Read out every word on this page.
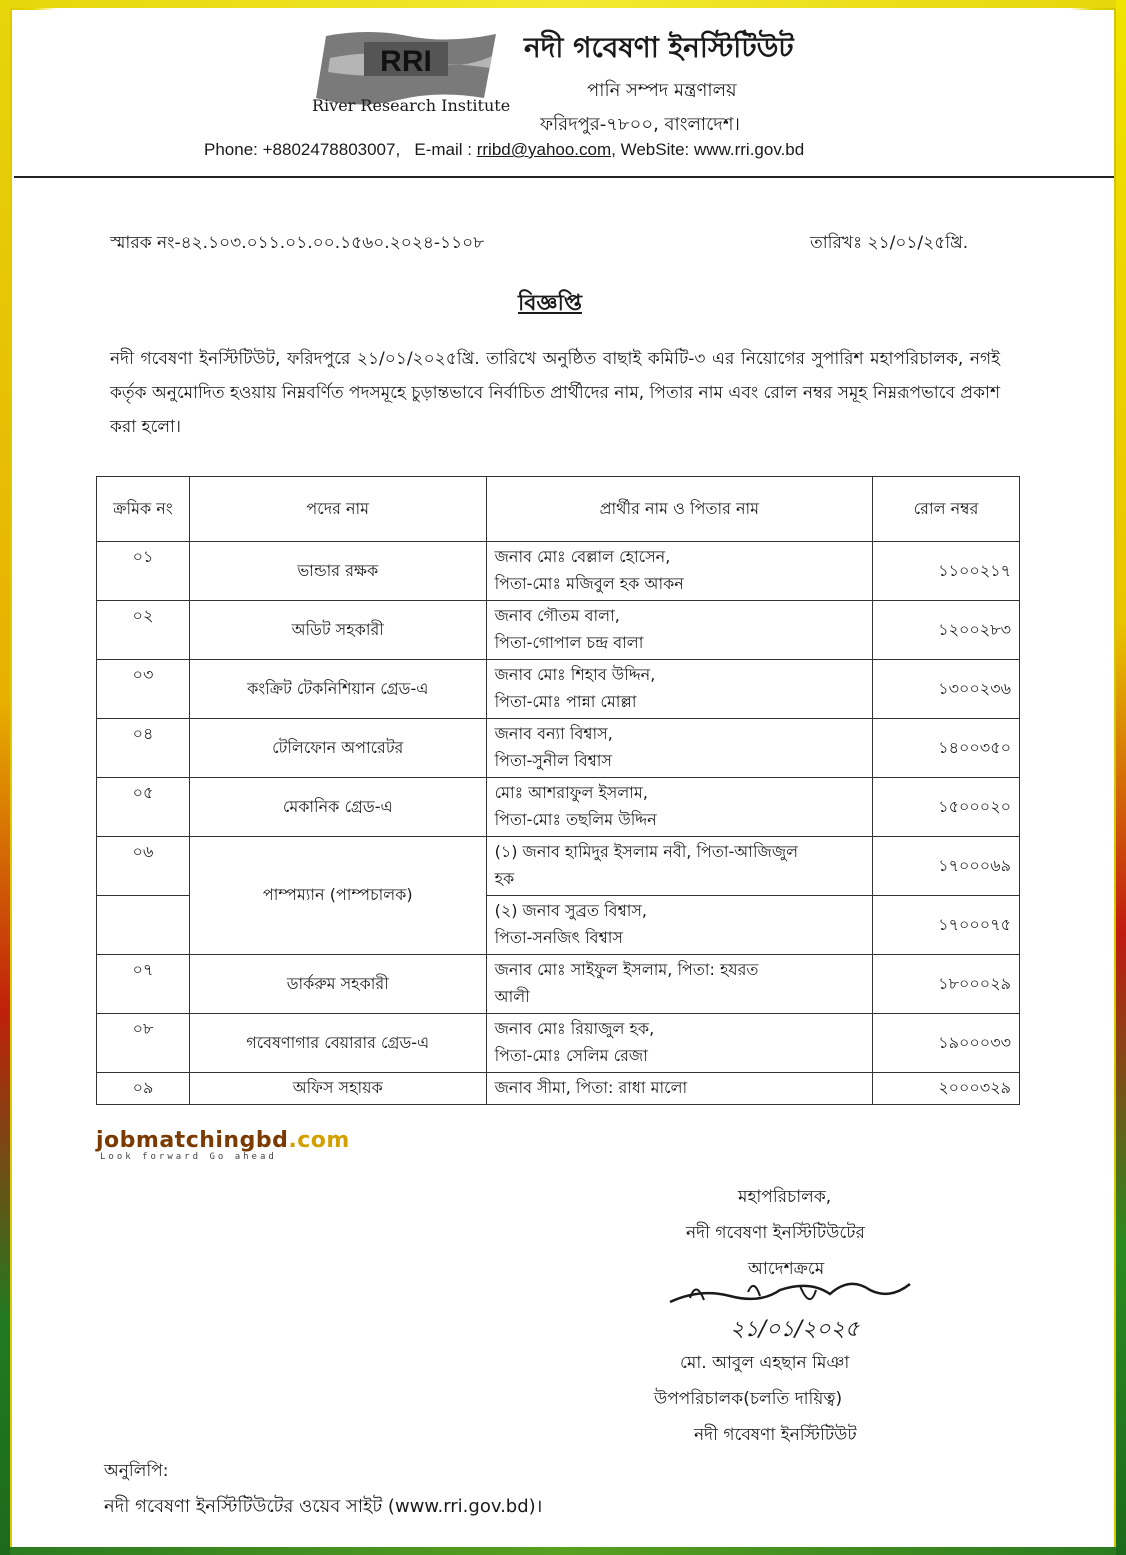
RRI
River Research Institute
নদী গবেষণা ইনস্টিটিউট
পানি সম্পদ মন্ত্রণালয়
ফরিদপুর-৭৮০০, বাংলাদেশ।
Phone: +8802478803007, E-mail : rribd@yahoo.com, WebSite: www.rri.gov.bd
স্মারক নং-৪২.১০৩.০১১.০১.০০.১৫৬০.২০২৪-১১০৮	তারিখঃ ২১/০১/২৫খ্রি.
বিজ্ঞপ্তি
নদী গবেষণা ইনস্টিটিউট, ফরিদপুরে ২১/০১/২০২৫খ্রি. তারিখে অনুষ্ঠিত বাছাই কমিটি-৩ এর নিয়োগের সুপারিশ মহাপরিচালক, নগই কর্তৃক অনুমোদিত হওয়ায় নিম্নবর্ণিত পদসমূহে চুড়ান্তভাবে নির্বাচিত প্রার্থীদের নাম, পিতার নাম এবং রোল নম্বর সমূহ নিম্নরূপভাবে প্রকাশ করা হলো।
ক্রমিক নং	পদের নাম	প্রার্থীর নাম ও পিতার নাম	রোল নম্বর
০১	ভান্ডার রক্ষক	জনাব মোঃ বেল্লাল হোসেন,
পিতা-মোঃ মজিবুল হক আকন	১১০০২১৭
০২	অডিট সহকারী	জনাব গৌতম বালা,
পিতা-গোপাল চন্দ্র বালা	১২০০২৮৩
০৩	কংক্রিট টেকনিশিয়ান গ্রেড-এ	জনাব মোঃ শিহাব উদ্দিন,
পিতা-মোঃ পান্না মোল্লা	১৩০০২৩৬
০৪	টেলিফোন অপারেটর	জনাব বন্যা বিশ্বাস,
পিতা-সুনীল বিশ্বাস	১৪০০৩৫০
০৫	মেকানিক গ্রেড-এ	মোঃ আশরাফুল ইসলাম,
পিতা-মোঃ তছলিম উদ্দিন	১৫০০০২০
০৬	পাম্পম্যান (পাম্পচালক)	(১) জনাব হামিদুর ইসলাম নবী, পিতা-আজিজুল
হক	১৭০০০৬৯

		(২) জনাব সুব্রত বিশ্বাস,
পিতা-সনজিৎ বিশ্বাস	১৭০০০৭৫
০৭	ডার্করুম সহকারী	জনাব মোঃ সাইফুল ইসলাম, পিতা: হযরত
আলী	১৮০০০২৯
০৮	গবেষণাগার বেয়ারার গ্রেড-এ	জনাব মোঃ রিয়াজুল হক,
পিতা-মোঃ সেলিম রেজা	১৯০০০৩৩
০৯	অফিস সহায়ক	জনাব সীমা, পিতা: রাধা মালো	২০০০৩২৯
jobmatchingbd.com
Look forward Go ahead
মহাপরিচালক,
নদী গবেষণা ইনস্টিটিউটের
আদেশক্রমে
২১/০১/২০২৫
মো. আবুল এহছান মিঞা
উপপরিচালক(চলতি দায়িত্ব)
নদী গবেষণা ইনস্টিটিউট
অনুলিপি:
নদী গবেষণা ইনস্টিটিউটের ওয়েব সাইট (www.rri.gov.bd)।
